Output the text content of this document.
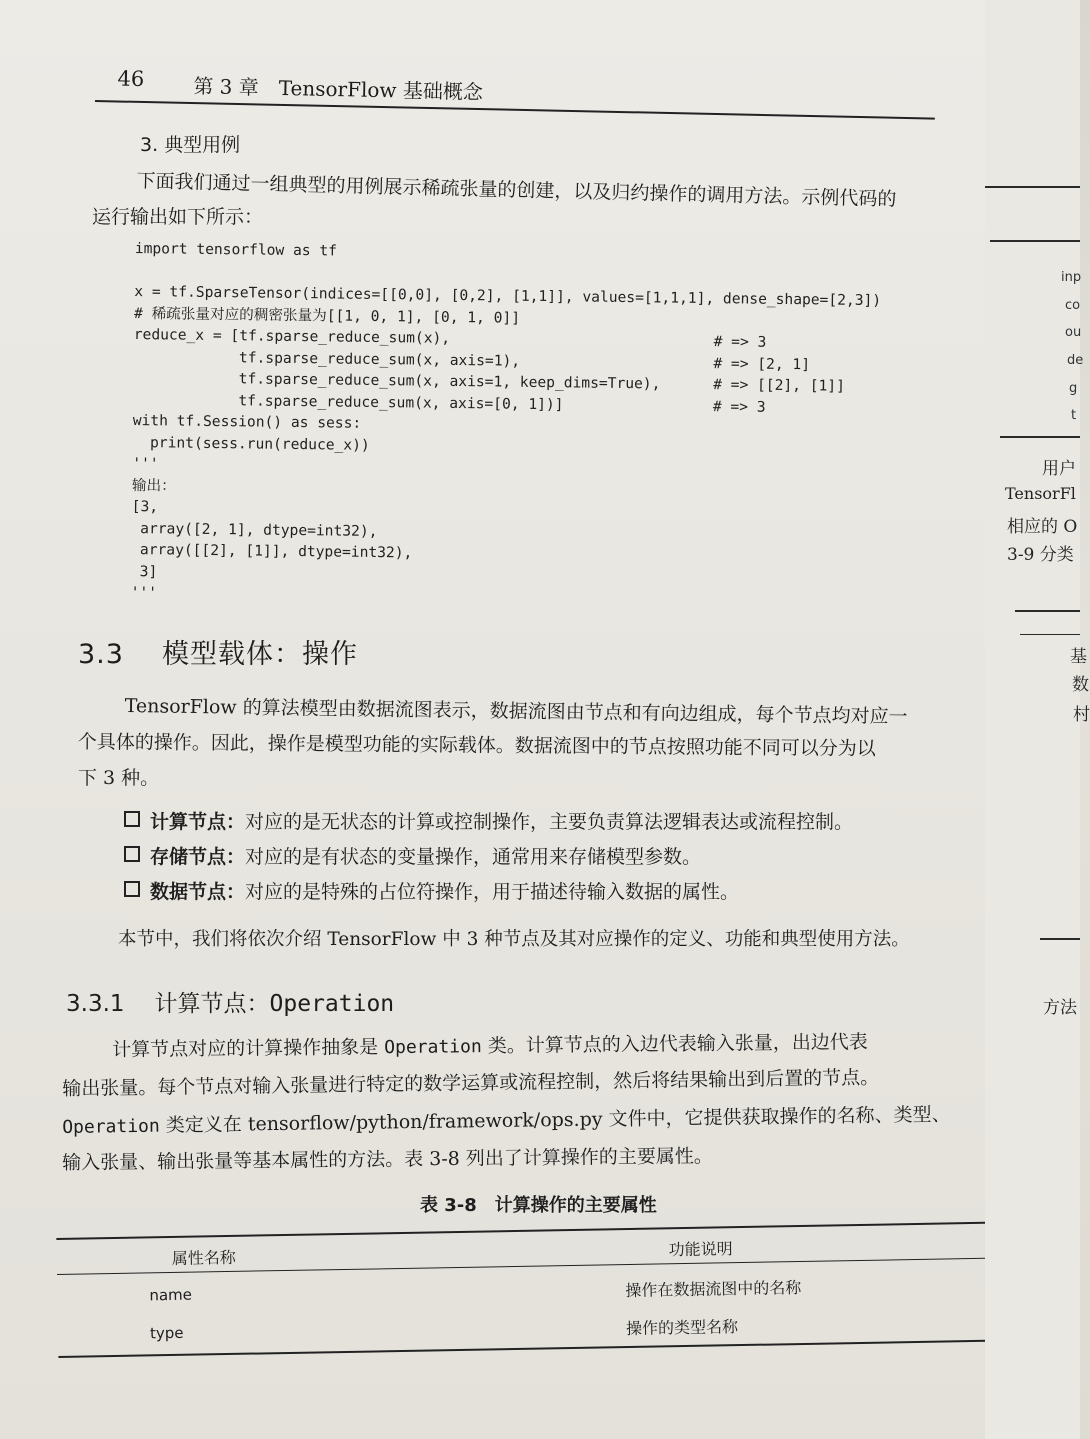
46 第 3 章　TensorFlow 基础概念
3. 典型用例
下面我们通过一组典型的用例展示稀疏张量的创建，以及归约操作的调用方法。示例代码的
运行输出如下所示：
import tensorflow as tf

x = tf.SparseTensor(indices=[[0,0], [0,2], [1,1]], values=[1,1,1], dense_shape=[2,3])
# 稀疏张量对应的稠密张量为[[1, 0, 1], [0, 1, 0]]
reduce_x = [tf.sparse_reduce_sum(x),                              # => 3
tf.sparse_reduce_sum(x, axis=1),                      # => [2, 1]
tf.sparse_reduce_sum(x, axis=1, keep_dims=True),      # => [[2], [1]]
tf.sparse_reduce_sum(x, axis=[0, 1])]                 # => 3
with tf.Session() as sess:
print(sess.run(reduce_x))
'''
输出：
[3,
array([2, 1], dtype=int32),
array([[2], [1]], dtype=int32),
3]
'''
3.3 模型载体：操作
TensorFlow 的算法模型由数据流图表示，数据流图由节点和有向边组成，每个节点均对应一
个具体的操作。因此，操作是模型功能的实际载体。数据流图中的节点按照功能不同可以分为以
下 3 种。
计算节点：对应的是无状态的计算或控制操作，主要负责算法逻辑表达或流程控制。
存储节点：对应的是有状态的变量操作，通常用来存储模型参数。
数据节点：对应的是特殊的占位符操作，用于描述待输入数据的属性。
本节中，我们将依次介绍 TensorFlow 中 3 种节点及其对应操作的定义、功能和典型使用方法。
3.3.1 计算节点：Operation
计算节点对应的计算操作抽象是 Operation 类。计算节点的入边代表输入张量，出边代表
输出张量。每个节点对输入张量进行特定的数学运算或流程控制，然后将结果输出到后置的节点。
Operation 类定义在 tensorflow/python/framework/ops.py 文件中，它提供获取操作的名称、类型、
输入张量、输出张量等基本属性的方法。表 3-8 列出了计算操作的主要属性。
表 3-8　计算操作的主要属性
属性名称	功能说明
name	操作在数据流图中的名称
type	操作的类型名称
inp
co
ou
de
g
t
用户
TensorFl
相应的 O
3-9 分类
基
数
村
方法
